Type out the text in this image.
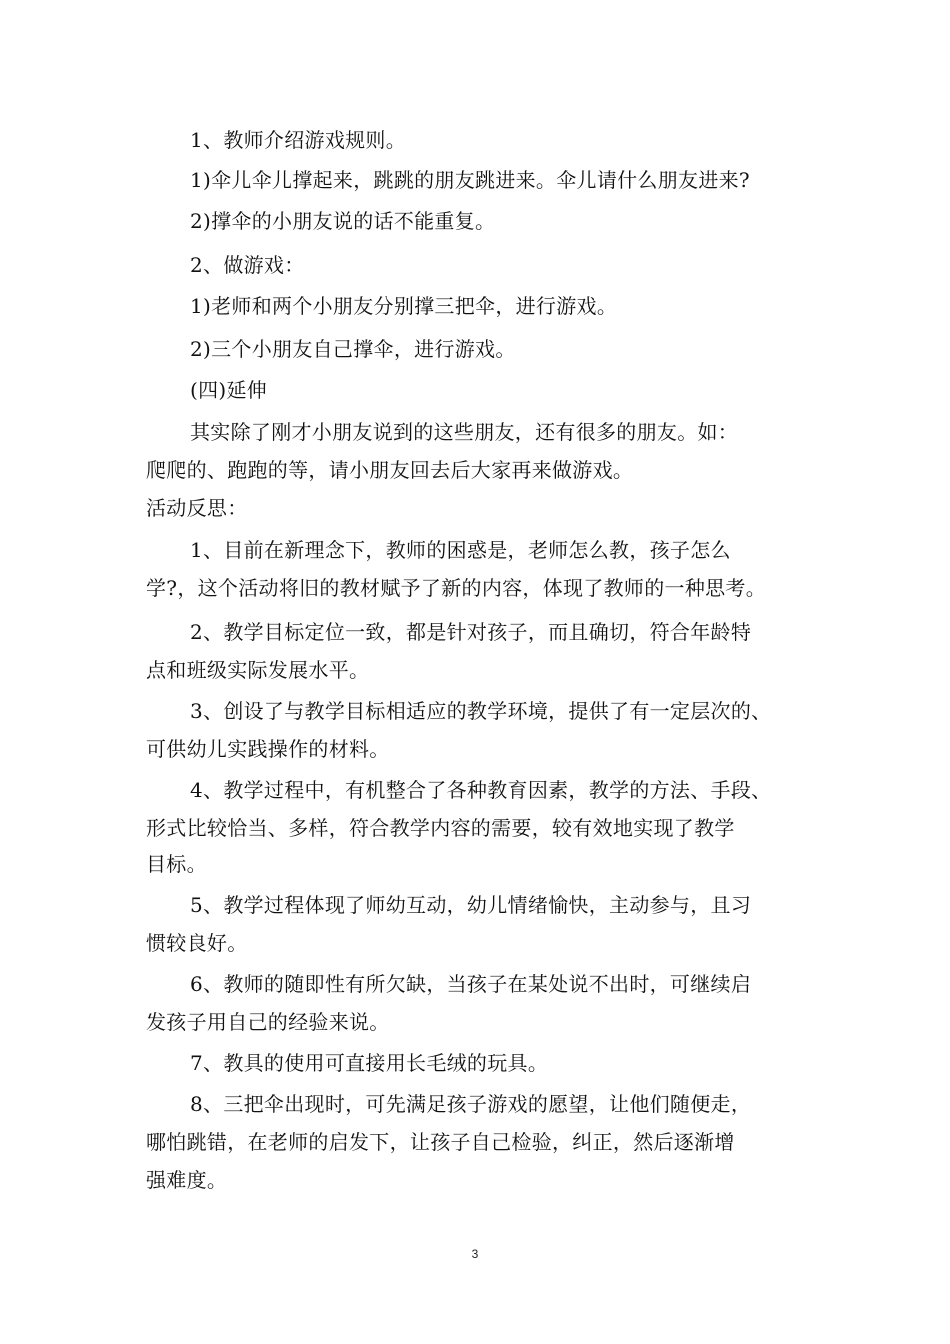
1、教师介绍游戏规则。
1)伞儿伞儿撑起来，跳跳的朋友跳进来。伞儿请什么朋友进来?
2)撑伞的小朋友说的话不能重复。
2、做游戏：
1)老师和两个小朋友分别撑三把伞，进行游戏。
2)三个小朋友自己撑伞，进行游戏。
(四)延伸
其实除了刚才小朋友说到的这些朋友，还有很多的朋友。如：
爬爬的、跑跑的等，请小朋友回去后大家再来做游戏。
活动反思：
1、目前在新理念下，教师的困惑是，老师怎么教，孩子怎么
学?，这个活动将旧的教材赋予了新的内容，体现了教师的一种思考。
2、教学目标定位一致，都是针对孩子，而且确切，符合年龄特
点和班级实际发展水平。
3、创设了与教学目标相适应的教学环境，提供了有一定层次的、
可供幼儿实践操作的材料。
4、教学过程中，有机整合了各种教育因素，教学的方法、手段、
形式比较恰当、多样，符合教学内容的需要，较有效地实现了教学
目标。
5、教学过程体现了师幼互动，幼儿情绪愉快，主动参与，且习
惯较良好。
6、教师的随即性有所欠缺，当孩子在某处说不出时，可继续启
发孩子用自己的经验来说。
7、教具的使用可直接用长毛绒的玩具。
8、三把伞出现时，可先满足孩子游戏的愿望，让他们随便走，
哪怕跳错，在老师的启发下，让孩子自己检验，纠正，然后逐渐增
强难度。
3
